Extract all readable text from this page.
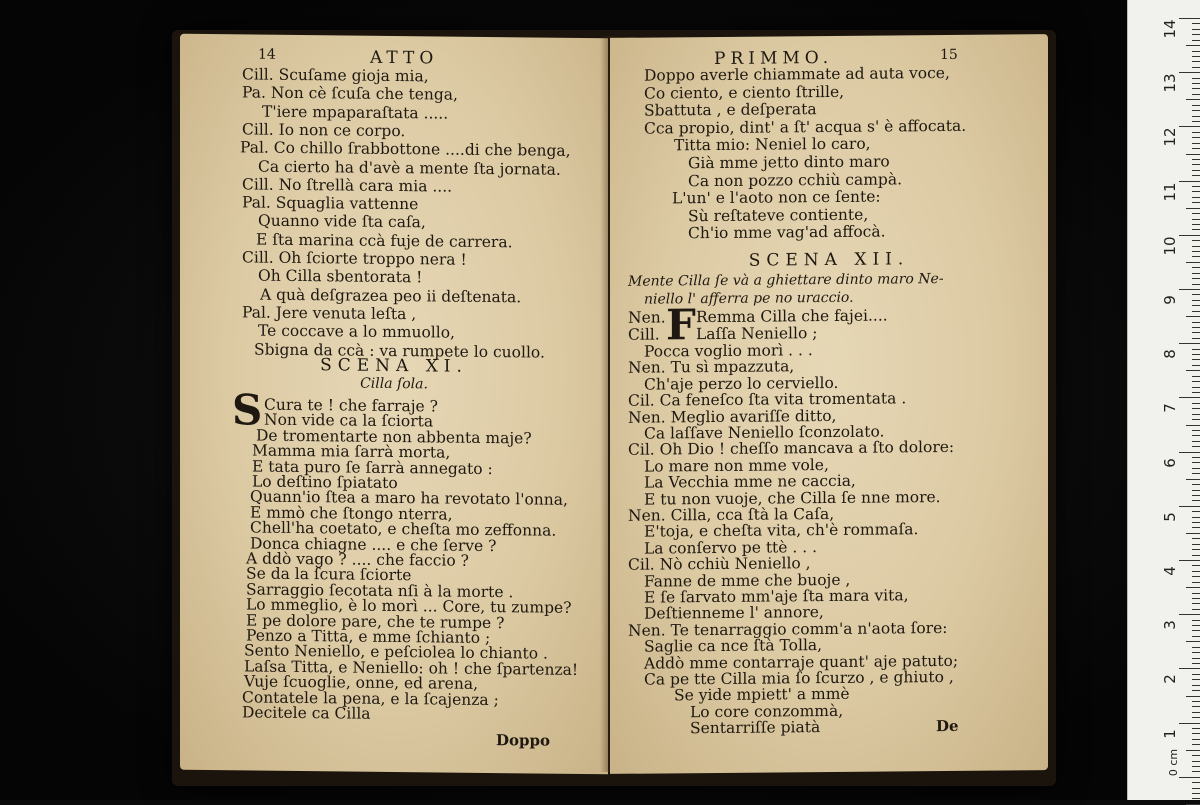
14	ATTO
Cill. Scuſame gioja mia,
Pa. Non cè ſcuſa che tenga,
T'iere mpaparaſtata .....
Cill. Io non ce corpo.
Pal. Co chillo ſrabbottone ....di che benga,
Ca cierto ha d'avè a mente ſta jornata.
Cill. No ſtrellà cara mia ....
Pal. Squaglia vattenne
Quanno vide ſta caſa,
E ſta marina ccà fuje de carrera.
Cill. Oh ſciorte troppo nera !
Oh Cilla sbentorata !
A quà deſgrazea peo ii deſtenata.
Pal. Jere venuta leſta ,
Te coccave a lo mmuollo,
Sbigna da ccà : va rumpete lo cuollo.
SCENA XI.
Cilla ſola.
S Cura te ! che farraje ?
Non vide ca la ſciorta
De tromentarte non abbenta maje?
Mamma mia ſarrà morta,
E tata puro ſe ſarrà annegato :
Lo deſtino ſpiatato
Quann'io ſtea a maro ha revotato l'onna,
E mmò che ſtongo nterra,
Chell'ha coetato, e cheſta mo zeffonna.
Donca chiagne .... e che ſerve ?
A ddò vago ? .... che faccio ?
Se da la ſcura ſciorte
Sarraggio ſecotata nſi à la morte .
Lo mmeglio, è lo morì ... Core, tu zumpe?
E pe dolore pare, che te rumpe ?
Penzo a Titta, e mme ſchianto ;
Sento Neniello, e peſciolea lo chianto .
Laſsa Titta, e Neniello: oh ! che ſpartenza!
Vuje ſcuoglie, onne, ed arena,
Contatele la pena, e la ſcajenza ;
Decitele ca Cilla
Doppo
PRIMMO.	15
Doppo averle chiammate ad auta voce,
Co ciento, e ciento ſtrille,
Sbattuta , e deſperata
Cca propio, dint' a ſt' acqua s' è affocata.
Titta mio: Neniel lo caro,
Già mme jetto dinto maro
Ca non pozzo cchiù campà.
L'un' e l'aoto non ce ſente:
Sù reſtateve contiente,
Ch'io mme vag'ad affocà.
SCENA XII.
Mente Cilla ſe và a ghiettare dinto maro Ne-
niello l' afferra pe no uraccio.
F Remma Cilla che fajei....
Laſſa Neniello ;
Nen.
Cill.
Pocca voglio morì . . .
Nen. Tu sì mpazzuta,
Ch'aje perzo lo cerviello.
Cil. Ca feneſco ſta vita tromentata .
Nen. Meglio avariſſe ditto,
Ca laſſave Neniello ſconzolato.
Cil. Oh Dio ! cheſſo mancava a ſto dolore:
Lo mare non mme vole,
La Vecchia mme ne caccia,
E tu non vuoje, che Cilla ſe nne more.
Nen. Cilla, cca ſtà la Caſa,
E'toja, e cheſta vita, ch'è rommaſa.
La conſervo pe ttè . . .
Cil. Nò cchiù Neniello ,
Fanne de mme che buoje ,
E ſe ſarvato mm'aje ſta mara vita,
Deſtienneme l' annore,
Nen. Te tenarraggio comm'a n'aota ſore:
Saglie ca nce ſtà Tolla,
Addò mme contarraje quant' aje patuto;
Ca pe tte Cilla mia ſo ſcurzo , e ghiuto ,
Se yide mpiett' a mmè
Lo core conzommà,
Sentarriſſe piatà	De
0 cm
14
13
12
11
10
9
8
7
6
5
4
3
2
1
